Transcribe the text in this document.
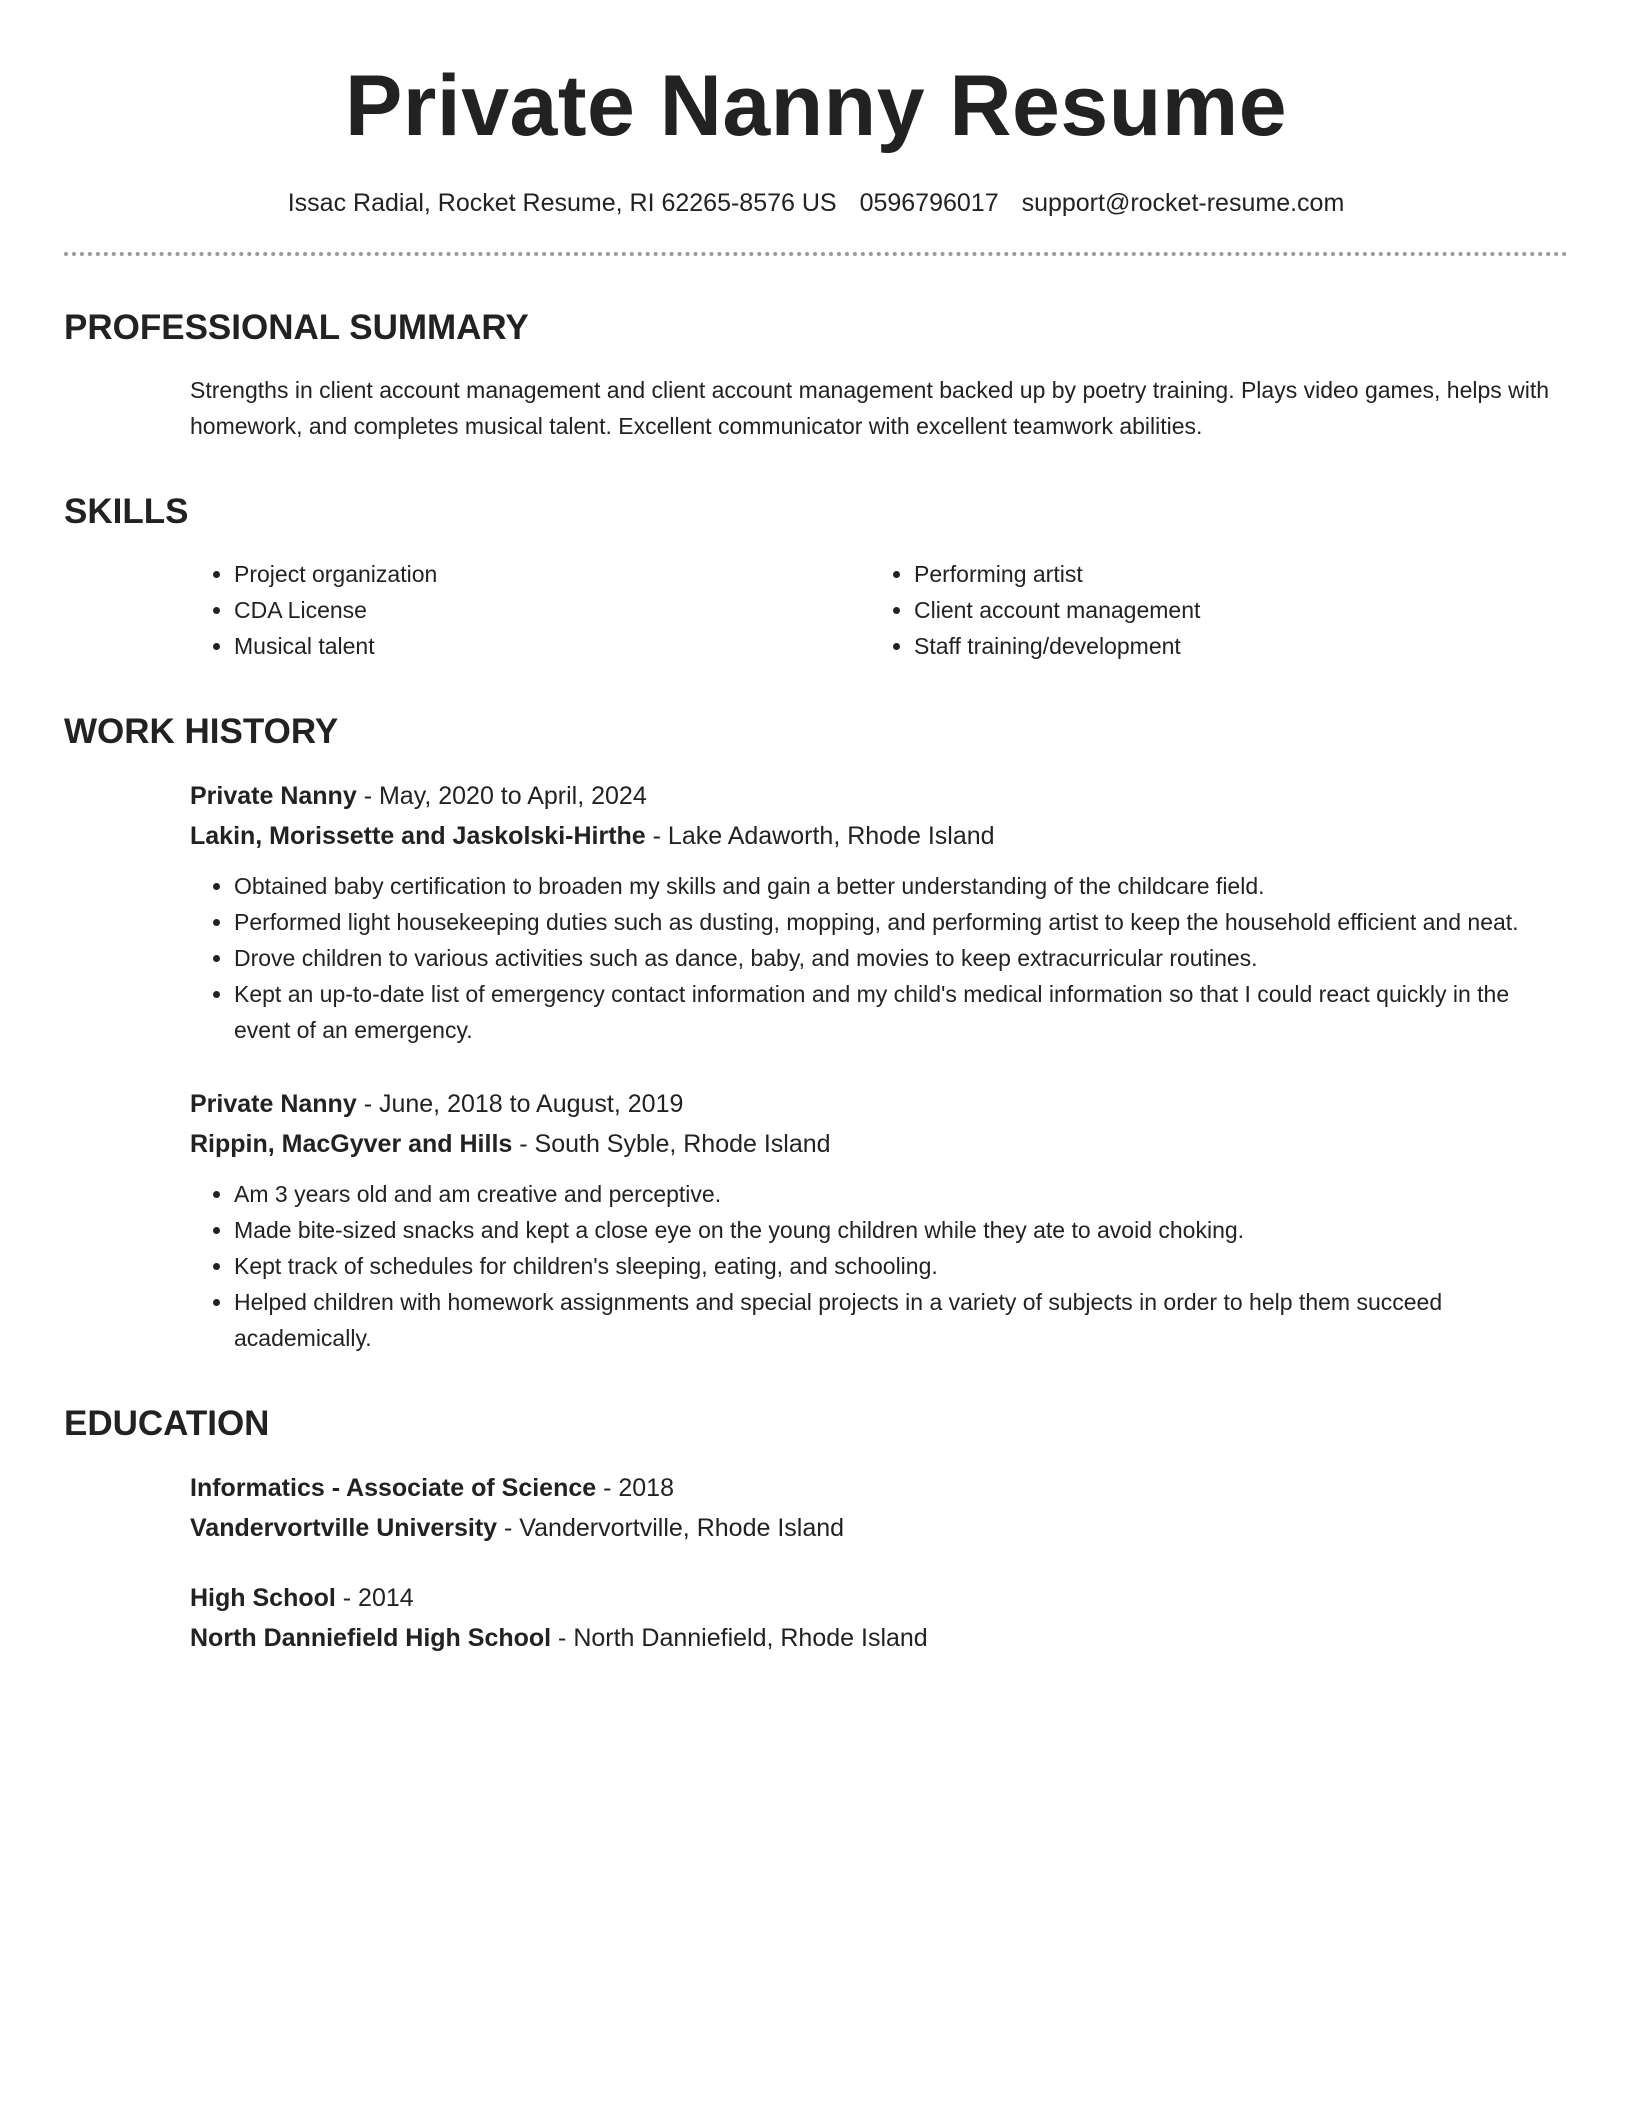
Private Nanny Resume
Issac Radial, Rocket Resume, RI 62265-8576 US 0596796017 support@rocket-resume.com
PROFESSIONAL SUMMARY
Strengths in client account management and client account management backed up by poetry training. Plays video games, helps with homework, and completes musical talent. Excellent communicator with excellent teamwork abilities.
SKILLS
• Project organization
• CDA License
• Musical talent
• Performing artist
• Client account management
• Staff training/development
WORK HISTORY
Private Nanny - May, 2020 to April, 2024
Lakin, Morissette and Jaskolski-Hirthe - Lake Adaworth, Rhode Island
• Obtained baby certification to broaden my skills and gain a better understanding of the childcare field.
• Performed light housekeeping duties such as dusting, mopping, and performing artist to keep the household efficient and neat.
• Drove children to various activities such as dance, baby, and movies to keep extracurricular routines.
• Kept an up-to-date list of emergency contact information and my child's medical information so that I could react quickly in the event of an emergency.
Private Nanny - June, 2018 to August, 2019
Rippin, MacGyver and Hills - South Syble, Rhode Island
• Am 3 years old and am creative and perceptive.
• Made bite-sized snacks and kept a close eye on the young children while they ate to avoid choking.
• Kept track of schedules for children's sleeping, eating, and schooling.
• Helped children with homework assignments and special projects in a variety of subjects in order to help them succeed academically.
EDUCATION
Informatics - Associate of Science - 2018
Vandervortville University - Vandervortville, Rhode Island
High School - 2014
North Danniefield High School - North Danniefield, Rhode Island
